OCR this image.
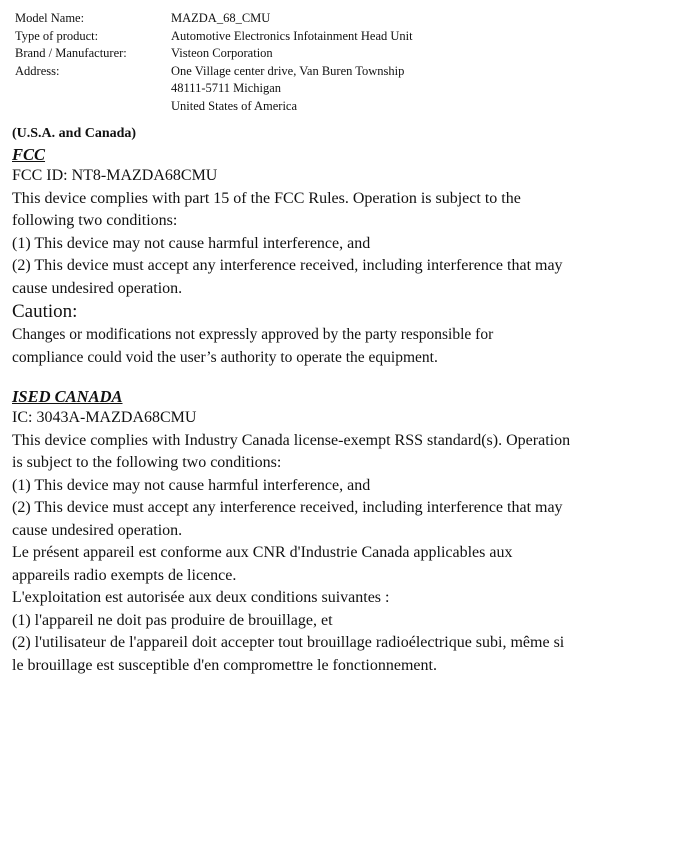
Model Name:	MAZDA_68_CMU
Type of product:	Automotive Electronics Infotainment Head Unit
Brand / Manufacturer:	Visteon Corporation
Address:	One Village center drive, Van Buren Township
48111-5711 Michigan
United States of America
(U.S.A. and Canada)
FCC
FCC ID: NT8-MAZDA68CMU
This device complies with part 15 of the FCC Rules. Operation is subject to the
following two conditions:
(1) This device may not cause harmful interference, and
(2) This device must accept any interference received, including interference that may
cause undesired operation.
Caution:
Changes or modifications not expressly approved by the party responsible for
compliance could void the user’s authority to operate the equipment.
ISED CANADA
IC: 3043A-MAZDA68CMU
This device complies with Industry Canada license-exempt RSS standard(s). Operation
is subject to the following two conditions:
(1) This device may not cause harmful interference, and
(2) This device must accept any interference received, including interference that may
cause undesired operation.
Le présent appareil est conforme aux CNR d'Industrie Canada applicables aux
appareils radio exempts de licence.
L'exploitation est autorisée aux deux conditions suivantes :
(1) l'appareil ne doit pas produire de brouillage, et
(2) l'utilisateur de l'appareil doit accepter tout brouillage radioélectrique subi, même si
le brouillage est susceptible d'en compromettre le fonctionnement.
